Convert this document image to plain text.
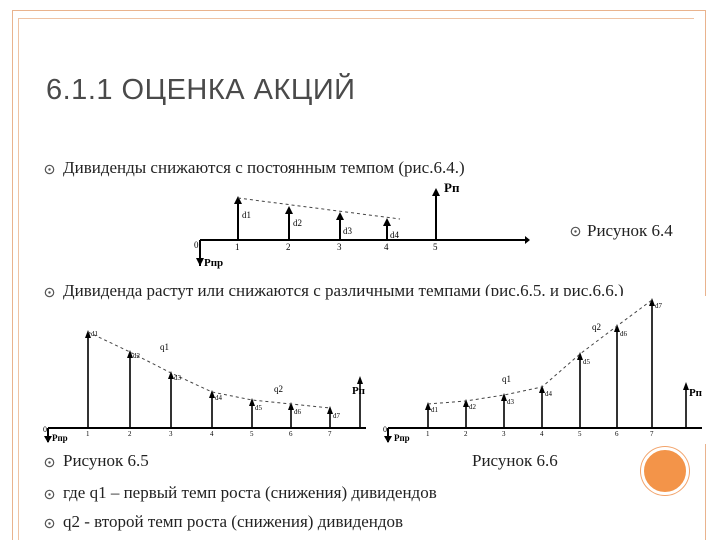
6.1.1 ОЦЕНКА АКЦИЙ
Дивиденды снижаются с постоянным темпом (рис.6.4.)
0	1	2	3	4	5
d1
d2
d3	d4
Pп
Pпр
Рисунок 6.4
Дивиденда растут или снижаются с различными темпами (рис.6.5. и рис.6.6.)
0	1	2	3	4	5	6	7
d1
d2
d3
d4
d5	d6	d7
q1
q2	Pп
Pпр
0	1	2	3	4	5	6	7
d1	d2
d3
d4
d5
d6
d7
q1
q2
Pп
Pпр
Рисунок 6.5	Рисунок 6.6
где q1 – первый темп роста (снижения) дивидендов
q2 - второй темп роста (снижения) дивидендов
